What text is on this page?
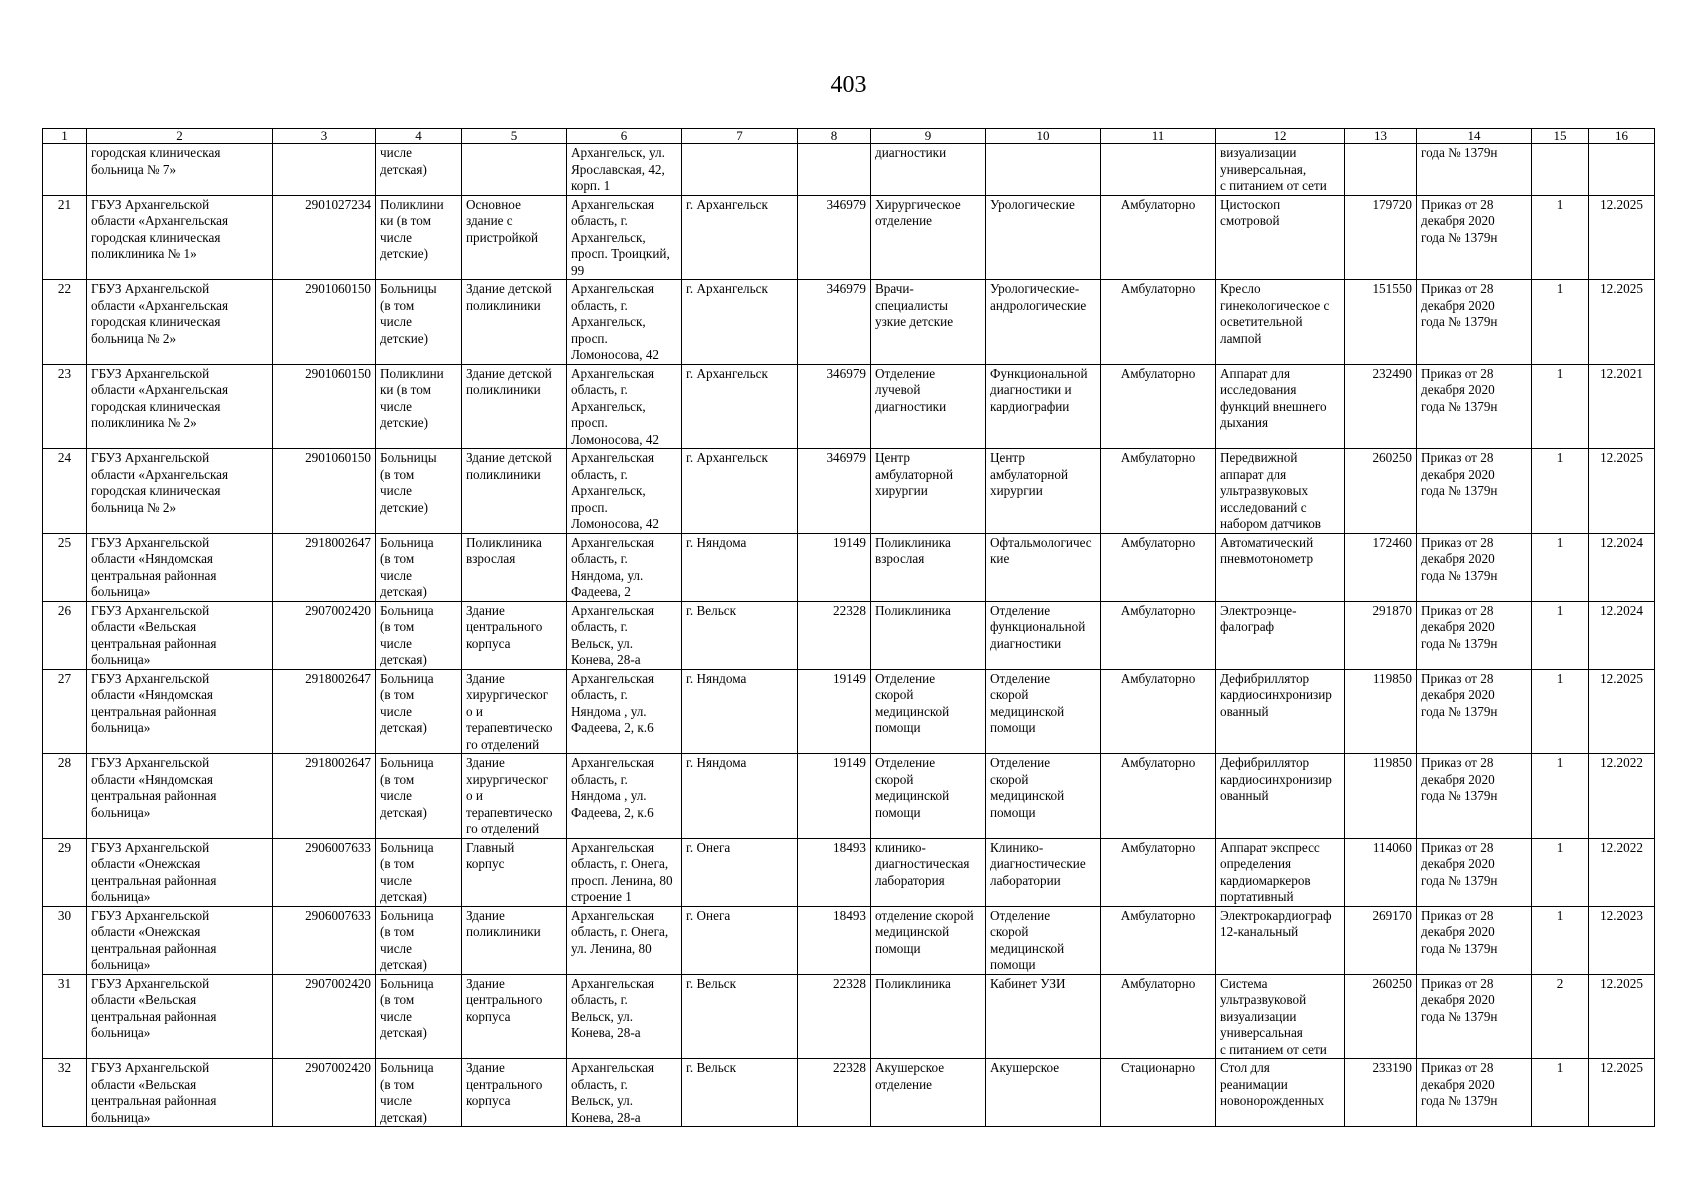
403
1	2	3	4	5	6	7	8	9	10	11	12	13	14	15	16
	городская клиническая
больница № 7»		числе
детская)		Архангельск, ул.
Ярославская, 42,
корп. 1			диагностики			визуализации
универсальная,
с питанием от сети		года № 1379н		
21	ГБУЗ Архангельской
области «Архангельская
городская клиническая
поликлиника № 1»	2901027234	Поликлини
ки (в том
числе
детские)	Основное
здание с
пристройкой	Архангельская
область, г.
Архангельск,
просп. Троицкий,
99	г. Архангельск	346979	Хирургическое
отделение	Урологические	Амбулаторно	Цистоскоп
смотровой	179720	Приказ от 28
декабря 2020
года № 1379н	1	12.2025
22	ГБУЗ Архангельской
области «Архангельская
городская клиническая
больница № 2»	2901060150	Больницы
(в том
числе
детские)	Здание детской
поликлиники	Архангельская
область, г.
Архангельск,
просп.
Ломоносова, 42	г. Архангельск	346979	Врачи-
специалисты
узкие детские	Урологические-
андрологические	Амбулаторно	Кресло
гинекологическое с
осветительной
лампой	151550	Приказ от 28
декабря 2020
года № 1379н	1	12.2025
23	ГБУЗ Архангельской
области «Архангельская
городская клиническая
поликлиника № 2»	2901060150	Поликлини
ки (в том
числе
детские)	Здание детской
поликлиники	Архангельская
область, г.
Архангельск,
просп.
Ломоносова, 42	г. Архангельск	346979	Отделение
лучевой
диагностики	Функциональной
диагностики и
кардиографии	Амбулаторно	Аппарат для
исследования
функций внешнего
дыхания	232490	Приказ от 28
декабря 2020
года № 1379н	1	12.2021
24	ГБУЗ Архангельской
области «Архангельская
городская клиническая
больница № 2»	2901060150	Больницы
(в том
числе
детские)	Здание детской
поликлиники	Архангельская
область, г.
Архангельск,
просп.
Ломоносова, 42	г. Архангельск	346979	Центр
амбулаторной
хирургии	Центр
амбулаторной
хирургии	Амбулаторно	Передвижной
аппарат для
ультразвуковых
исследований с
набором датчиков	260250	Приказ от 28
декабря 2020
года № 1379н	1	12.2025
25	ГБУЗ Архангельской
области «Няндомская
центральная районная
больница»	2918002647	Больница
(в том
числе
детская)	Поликлиника
взрослая	Архангельская
область, г.
Няндома, ул.
Фадеева, 2	г. Няндома	19149	Поликлиника
взрослая	Офтальмологичес
кие	Амбулаторно	Автоматический
пневмотонометр	172460	Приказ от 28
декабря 2020
года № 1379н	1	12.2024
26	ГБУЗ Архангельской
области «Вельская
центральная районная
больница»	2907002420	Больница
(в том
числе
детская)	Здание
центрального
корпуса	Архангельская
область, г.
Вельск, ул.
Конева, 28-а	г. Вельск	22328	Поликлиника	Отделение
функциональной
диагностики	Амбулаторно	Электроэнце-
фалограф	291870	Приказ от 28
декабря 2020
года № 1379н	1	12.2024
27	ГБУЗ Архангельской
области «Няндомская
центральная районная
больница»	2918002647	Больница
(в том
числе
детская)	Здание
хирургическог
о и
терапевтическо
го отделений	Архангельская
область, г.
Няндома , ул.
Фадеева, 2, к.6	г. Няндома	19149	Отделение
скорой
медицинской
помощи	Отделение
скорой
медицинской
помощи	Амбулаторно	Дефибриллятор
кардиосинхронизир
ованный	119850	Приказ от 28
декабря 2020
года № 1379н	1	12.2025
28	ГБУЗ Архангельской
области «Няндомская
центральная районная
больница»	2918002647	Больница
(в том
числе
детская)	Здание
хирургическог
о и
терапевтическо
го отделений	Архангельская
область, г.
Няндома , ул.
Фадеева, 2, к.6	г. Няндома	19149	Отделение
скорой
медицинской
помощи	Отделение
скорой
медицинской
помощи	Амбулаторно	Дефибриллятор
кардиосинхронизир
ованный	119850	Приказ от 28
декабря 2020
года № 1379н	1	12.2022
29	ГБУЗ Архангельской
области «Онежская
центральная районная
больница»	2906007633	Больница
(в том
числе
детская)	Главный
корпус	Архангельская
область, г. Онега,
просп. Ленина, 80
строение 1	г. Онега	18493	клинико-
диагностическая
лаборатория	Клинико-
диагностические
лаборатории	Амбулаторно	Аппарат экспресс
определения
кардиомаркеров
портативный	114060	Приказ от 28
декабря 2020
года № 1379н	1	12.2022
30	ГБУЗ Архангельской
области «Онежская
центральная районная
больница»	2906007633	Больница
(в том
числе
детская)	Здание
поликлиники	Архангельская
область, г. Онега,
ул. Ленина, 80	г. Онега	18493	отделение скорой
медицинской
помощи	Отделение
скорой
медицинской
помощи	Амбулаторно	Электрокардиограф
12-канальный	269170	Приказ от 28
декабря 2020
года № 1379н	1	12.2023
31	ГБУЗ Архангельской
области «Вельская
центральная районная
больница»	2907002420	Больница
(в том
числе
детская)	Здание
центрального
корпуса	Архангельская
область, г.
Вельск, ул.
Конева, 28-а	г. Вельск	22328	Поликлиника	Кабинет УЗИ	Амбулаторно	Система
ультразвуковой
визуализации
универсальная
с питанием от сети	260250	Приказ от 28
декабря 2020
года № 1379н	2	12.2025
32	ГБУЗ Архангельской
области «Вельская
центральная районная
больница»	2907002420	Больница
(в том
числе
детская)	Здание
центрального
корпуса	Архангельская
область, г.
Вельск, ул.
Конева, 28-а	г. Вельск	22328	Акушерское
отделение	Акушерское	Стационарно	Стол для
реанимации
новонорожденных	233190	Приказ от 28
декабря 2020
года № 1379н	1	12.2025
